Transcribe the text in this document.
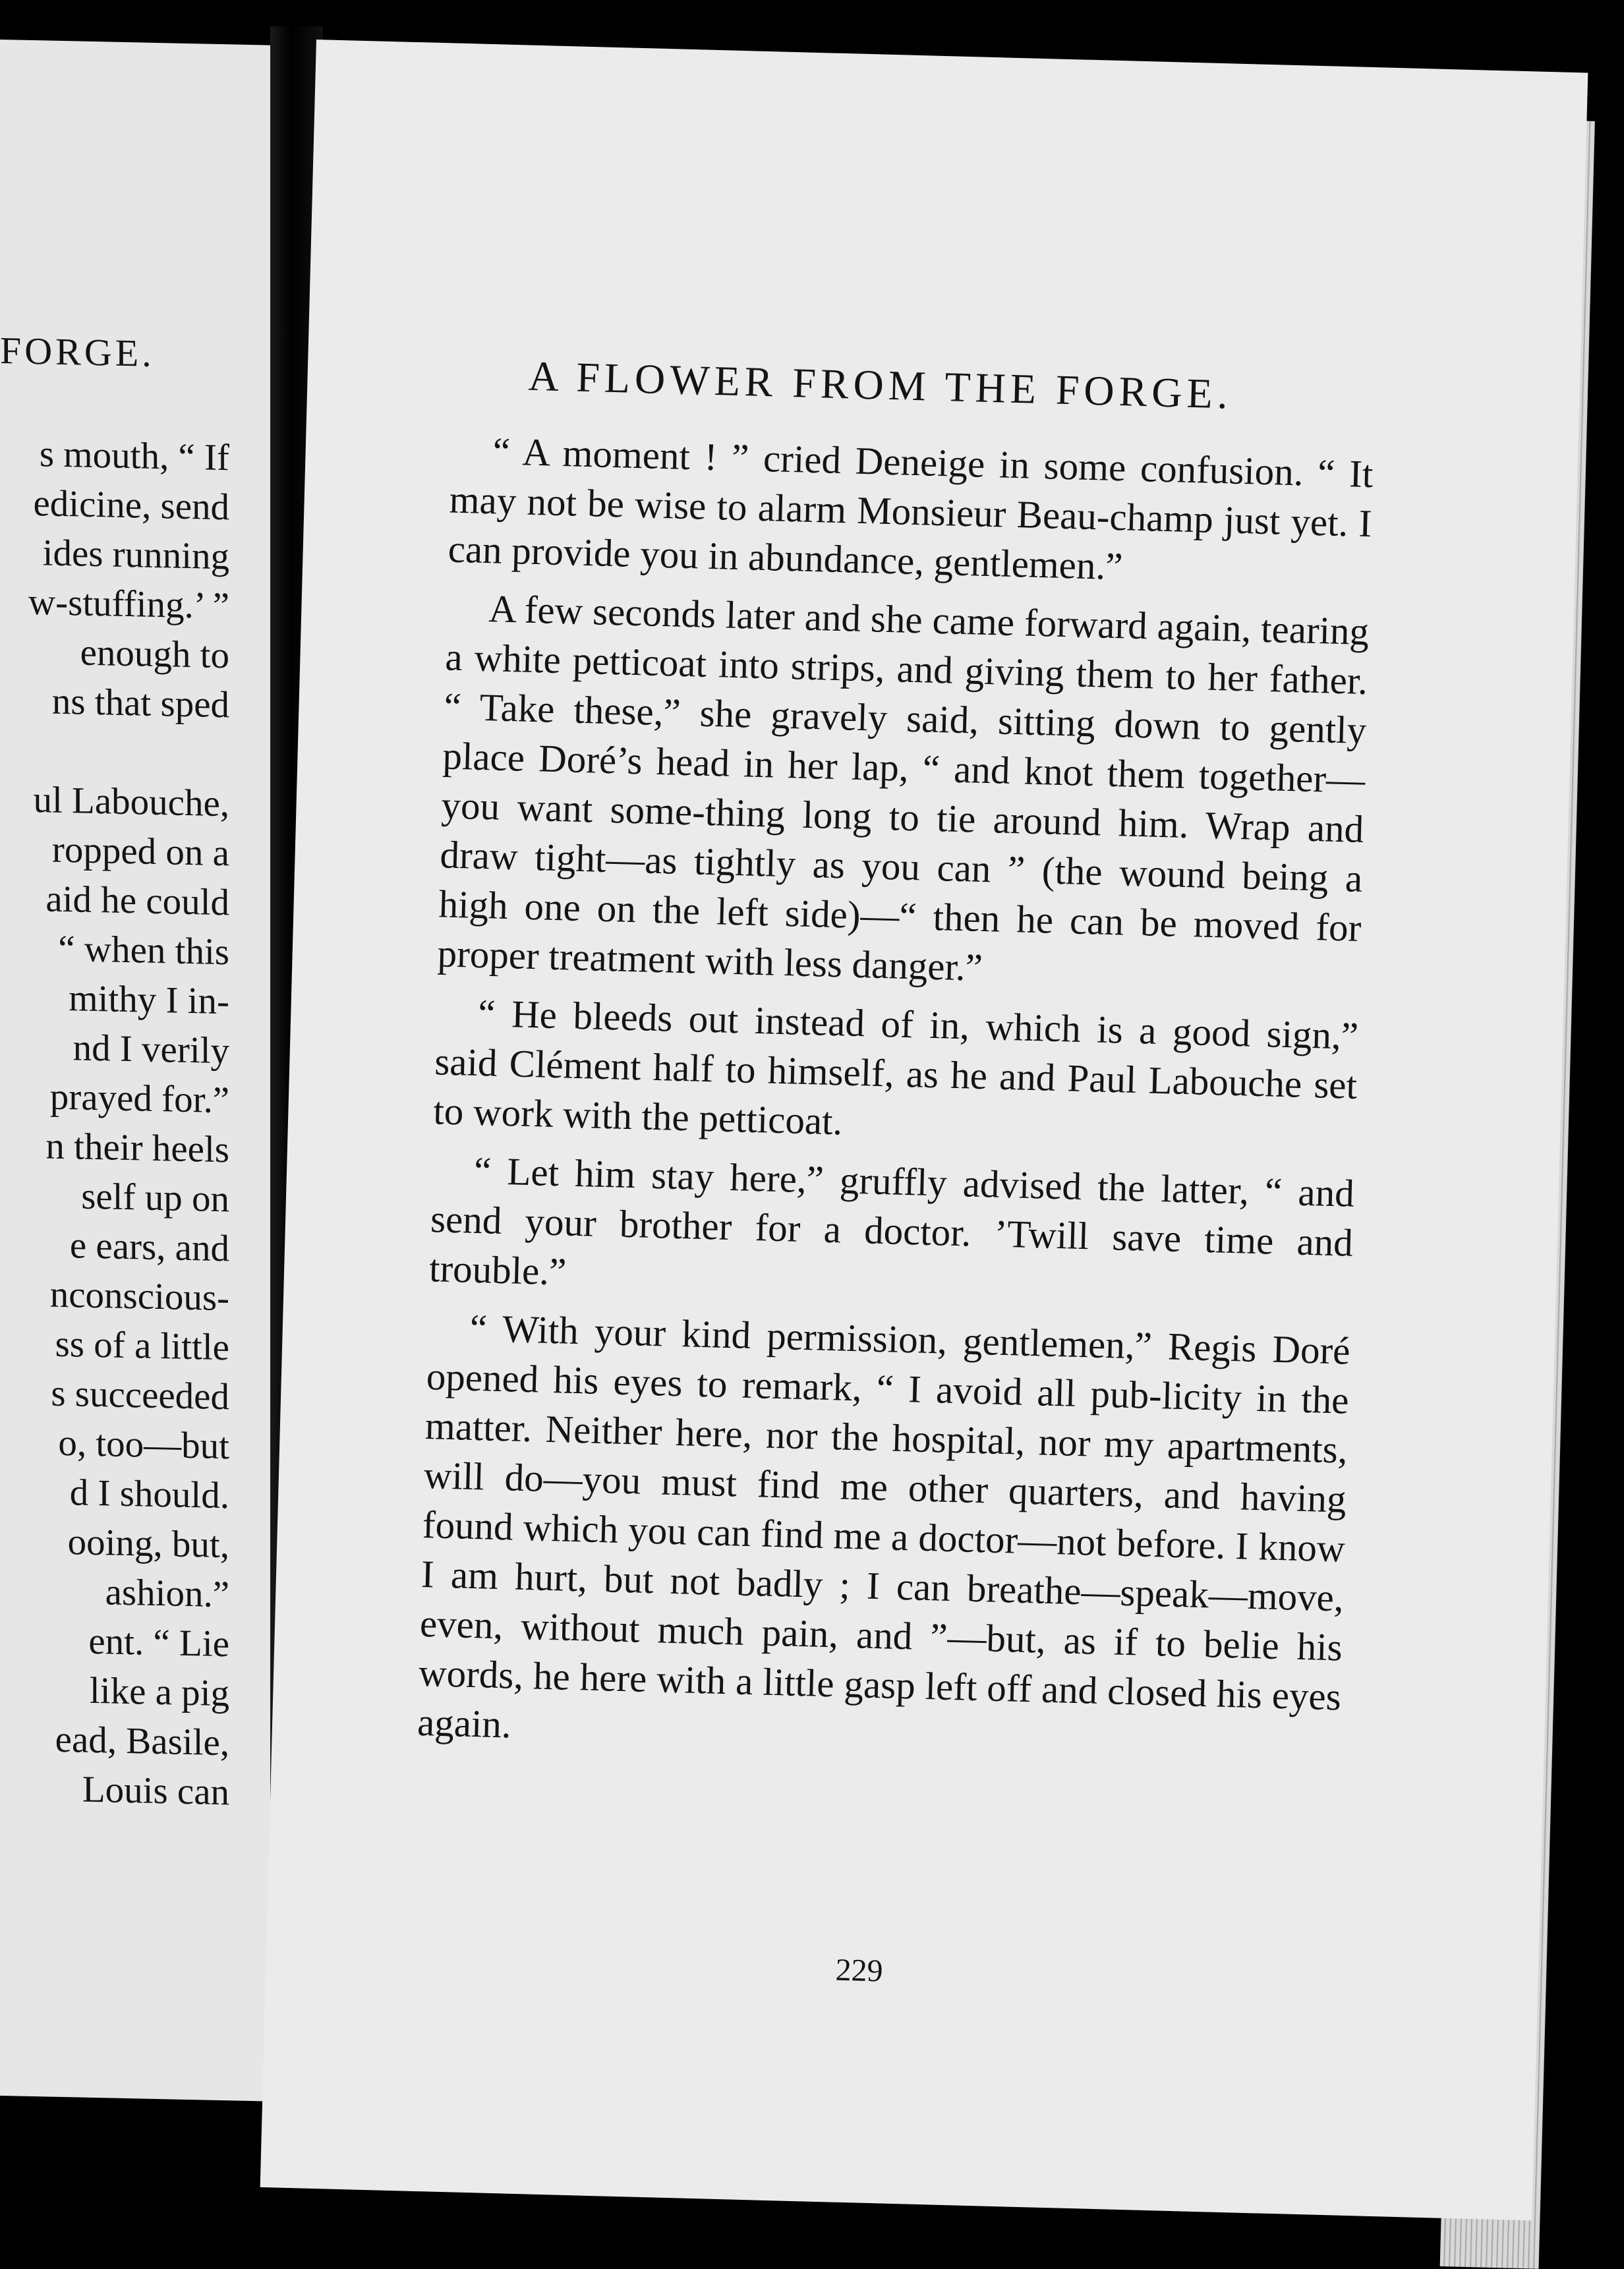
FORGE.
s mouth, “ If
edicine, send
ides running
w-stuffing.’ ”
enough to
ns that sped
ul Labouche,
ropped on a
aid he could
“ when this
mithy I in-
nd I verily
prayed for.”
n their heels
self up on
e ears, and
nconscious-
ss of a little
s succeeded
o, too—but
d I should.
ooing, but,
ashion.”
ent. “ Lie
like a pig
ead, Basile,
Louis can
A FLOWER FROM THE FORGE.

“ A moment ! ” cried Deneige in some confusion. “ It may not be wise to alarm Monsieur Beau-champ just yet. I can provide you in abundance, gentlemen.”

A few seconds later and she came forward again, tearing a white petticoat into strips, and giving them to her father. “ Take these,” she gravely said, sitting down to gently place Doré’s head in her lap, “ and knot them together—you want some-thing long to tie around him. Wrap and draw tight—as tightly as you can ” (the wound being a high one on the left side)—“ then he can be moved for proper treatment with less danger.”

“ He bleeds out instead of in, which is a good sign,” said Clément half to himself, as he and Paul Labouche set to work with the petticoat.

“ Let him stay here,” gruffly advised the latter, “ and send your brother for a doctor. ’Twill save time and trouble.”

“ With your kind permission, gentlemen,” Regis Doré opened his eyes to remark, “ I avoid all pub-licity in the matter. Neither here, nor the hospital, nor my apartments, will do—you must find me other quarters, and having found which you can find me a doctor—not before. I know I am hurt, but not badly ; I can breathe—speak—move, even, without much pain, and ”—but, as if to belie his words, he here with a little gasp left off and closed his eyes again.

229
